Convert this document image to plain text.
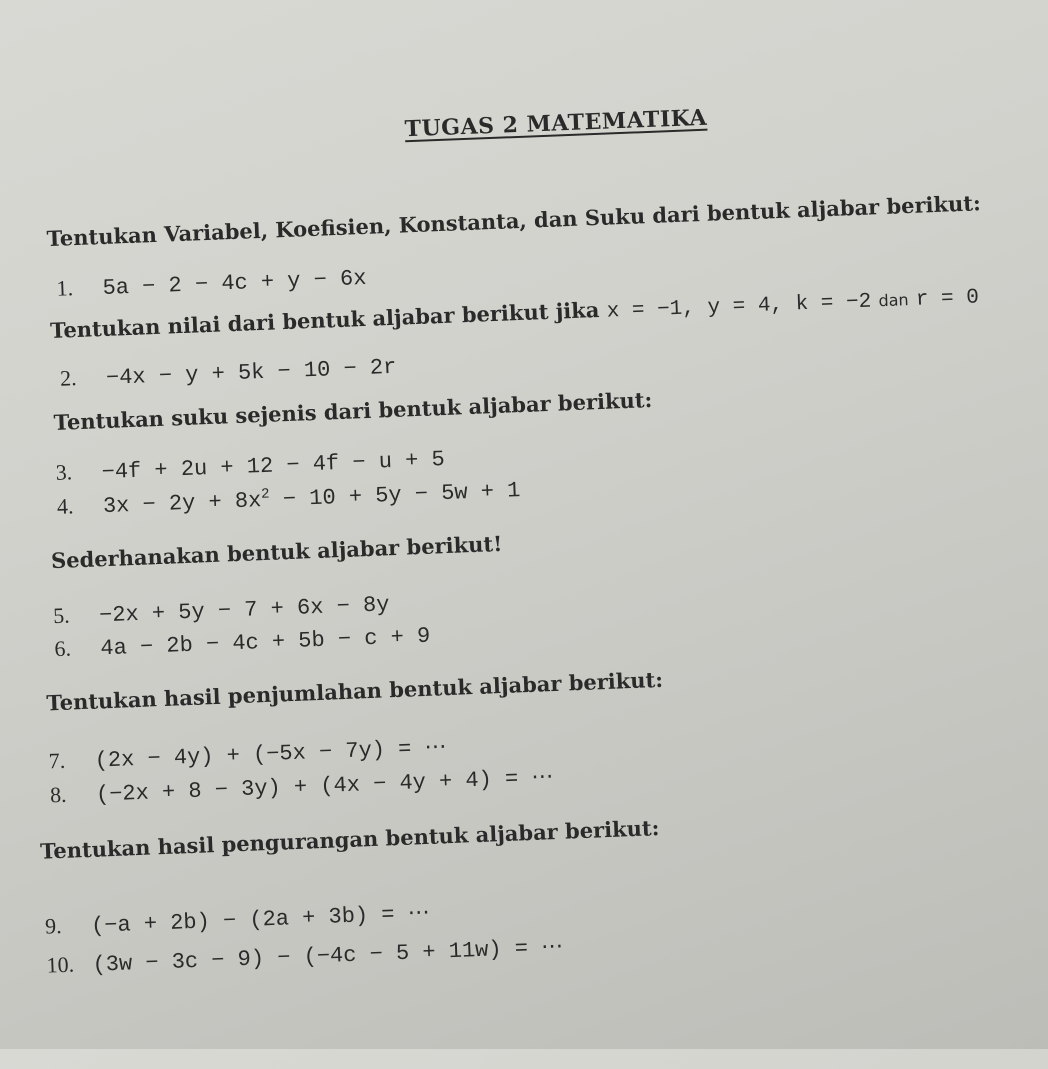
TUGAS 2 MATEMATIKA
Tentukan Variabel, Koefisien, Konstanta, dan Suku dari bentuk aljabar berikut:
1. 5a − 2 − 4c + y − 6x
Tentukan nilai dari bentuk aljabar berikut jika x = −1, y = 4, k = −2 dan r = 0
2. −4x − y + 5k − 10 − 2r
Tentukan suku sejenis dari bentuk aljabar berikut:
3. −4f + 2u + 12 − 4f − u + 5
4. $3x - 2y + 8x^2 - 10 + 5y - 5w + 1$
Sederhanakan bentuk aljabar berikut!
5. −2x + 5y − 7 + 6x − 8y
6. 4a − 2b − 4c + 5b − c + 9
Tentukan hasil penjumlahan bentuk aljabar berikut:
7. (2x − 4y) + (−5x − 7y) = ⋯
8. (−2x + 8 − 3y) + (4x − 4y + 4) = ⋯
Tentukan hasil pengurangan bentuk aljabar berikut:
9. (−a + 2b) − (2a + 3b) = ⋯
10. (3w − 3c − 9) − (−4c − 5 + 11w) = ⋯
